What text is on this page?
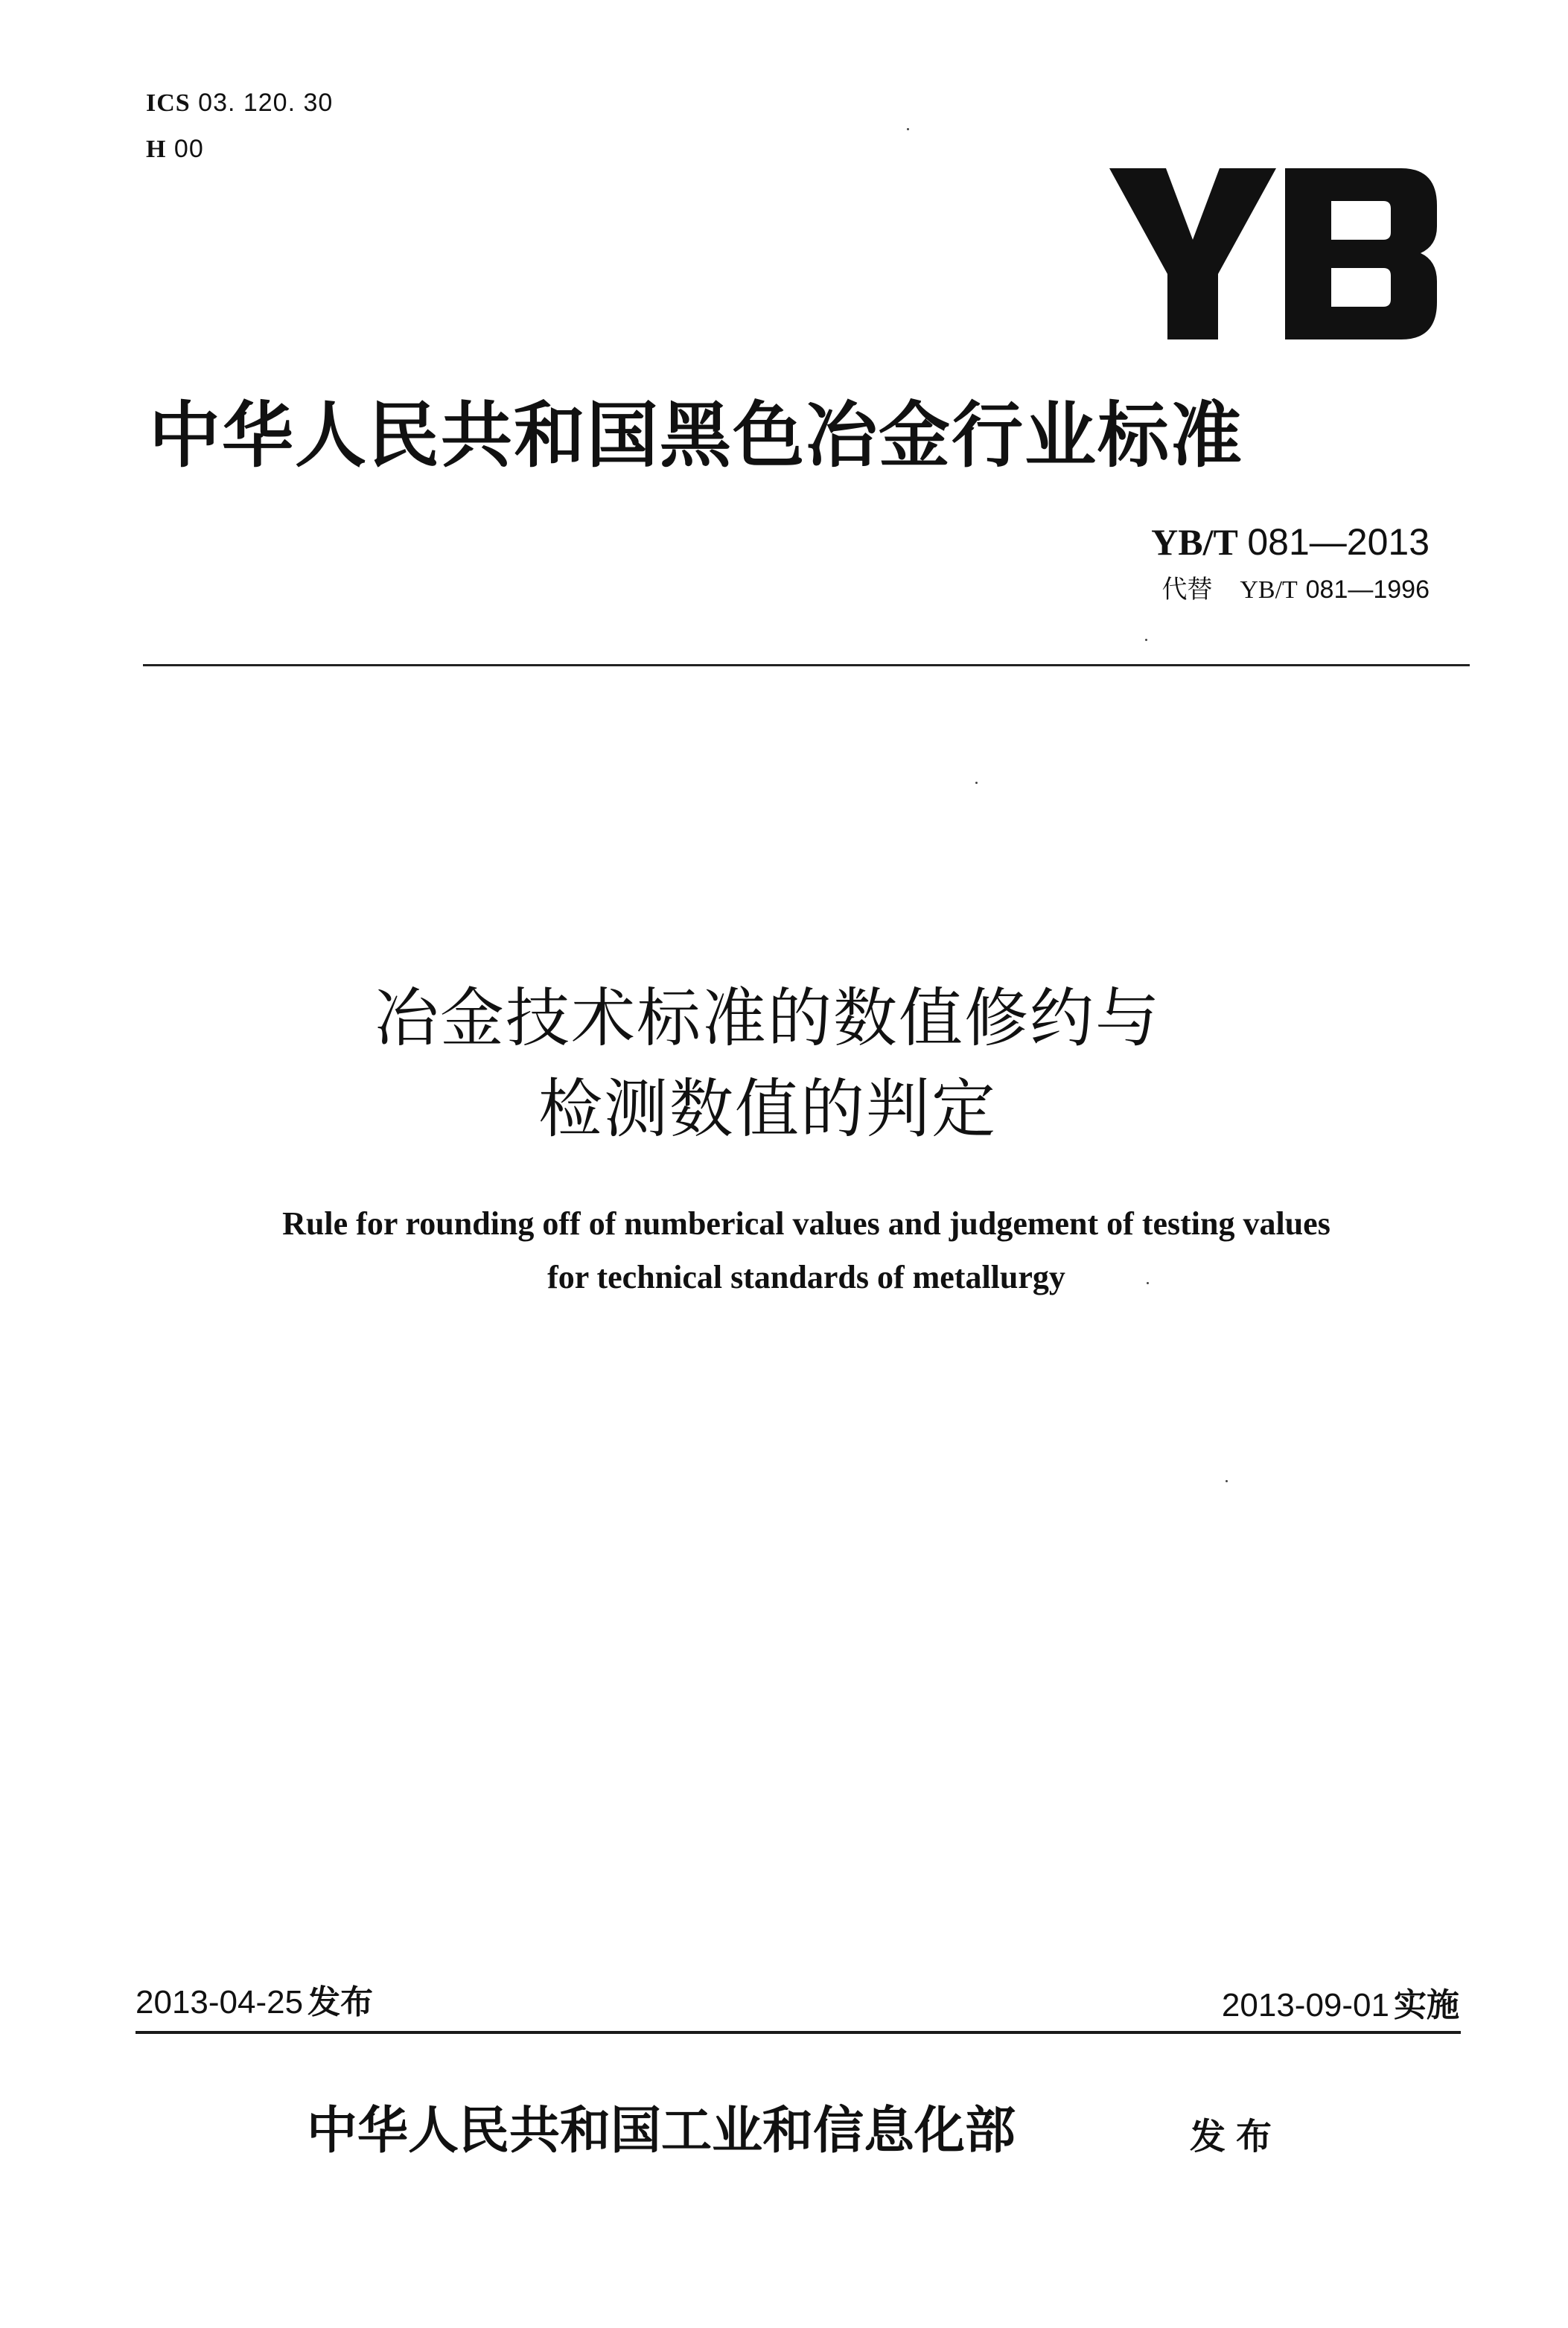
ICS 03. 120. 30
H 00
中华人民共和国黑色冶金行业标准
YB/T 081—2013
代替 YB/T 081—1996
冶金技术标准的数值修约与
检测数值的判定
Rule for rounding off of numberical values and judgement of testing values
for technical standards of metallurgy
2013-04-25 发布	2013-09-01 实施
中华人民共和国工业和信息化部	发布
